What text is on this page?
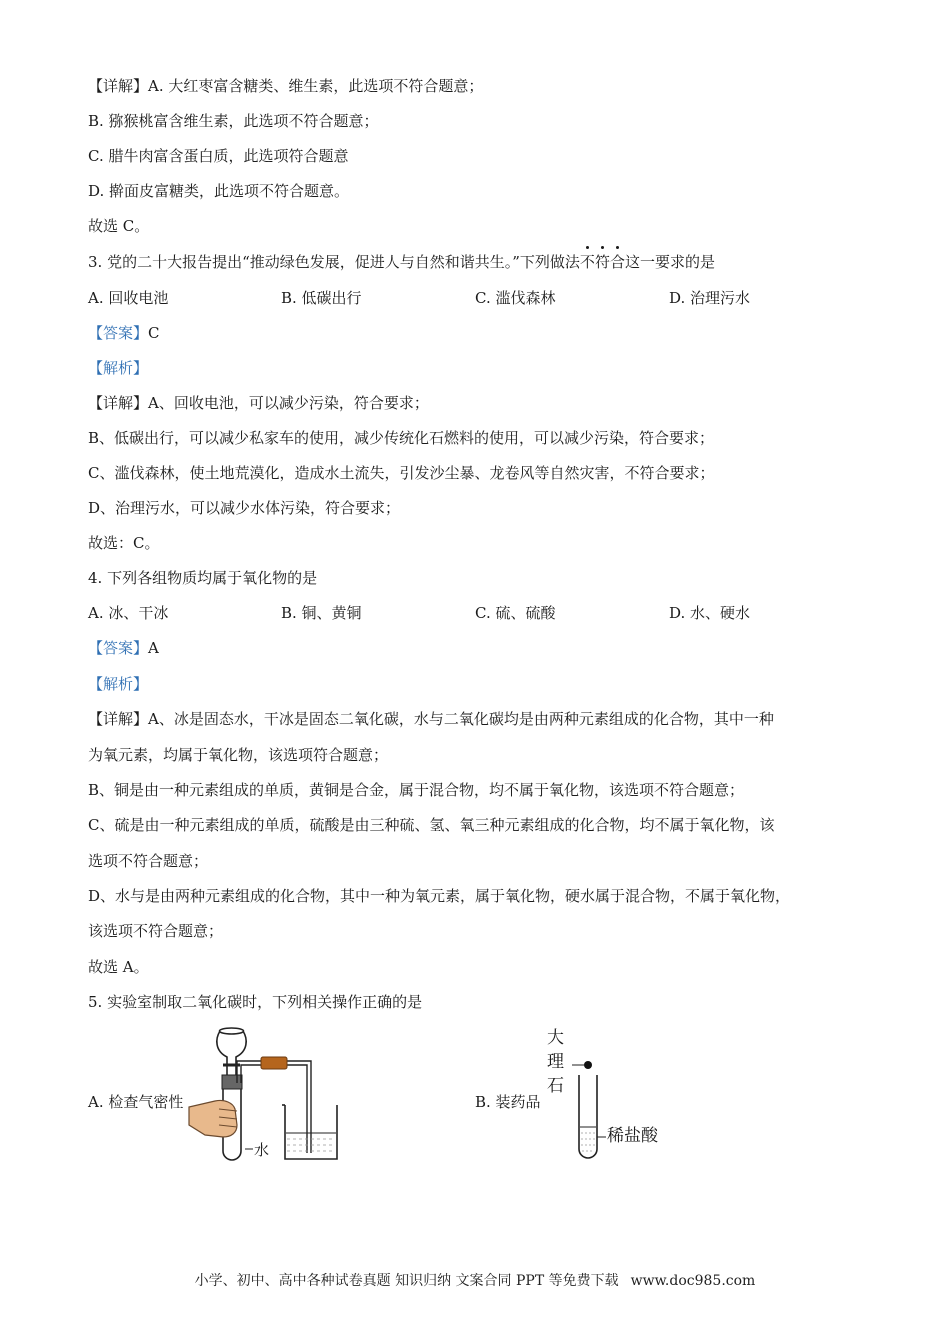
【详解】A. 大红枣富含糖类、维生素，此选项不符合题意；
B. 猕猴桃富含维生素，此选项不符合题意；
C. 腊牛肉富含蛋白质，此选项符合题意
D. 擀面皮富糖类，此选项不符合题意。
故选 C。
3. 党的二十大报告提出“推动绿色发展，促进人与自然和谐共生。”下列做法不符合这一要求的是
A. 回收电池	B. 低碳出行	C. 滥伐森林	D. 治理污水
【答案】C
【解析】
【详解】A、回收电池，可以减少污染，符合要求；
B、低碳出行，可以减少私家车的使用，减少传统化石燃料的使用，可以减少污染，符合要求；
C、滥伐森林，使土地荒漠化，造成水土流失，引发沙尘暴、龙卷风等自然灾害，不符合要求；
D、治理污水，可以减少水体污染，符合要求；
故选：C。
4. 下列各组物质均属于氧化物的是
A. 冰、干冰	B. 铜、黄铜	C. 硫、硫酸	D. 水、硬水
【答案】A
【解析】
【详解】A、冰是固态水，干冰是固态二氧化碳，水与二氧化碳均是由两种元素组成的化合物，其中一种
为氧元素，均属于氧化物，该选项符合题意；
B、铜是由一种元素组成的单质，黄铜是合金，属于混合物，均不属于氧化物，该选项不符合题意；
C、硫是由一种元素组成的单质，硫酸是由三种硫、氢、氧三种元素组成的化合物，均不属于氧化物，该
选项不符合题意；
D、水与是由两种元素组成的化合物，其中一种为氧元素，属于氧化物，硬水属于混合物，不属于氧化物，
该选项不符合题意；
故选 A。
5. 实验室制取二氧化碳时，下列相关操作正确的是
A. 检查气密性
水
B. 装药品
大
理
石
稀盐酸
小学、初中、高中各种试卷真题 知识归纳 文案合同 PPT 等免费下载 www.doc985.com
